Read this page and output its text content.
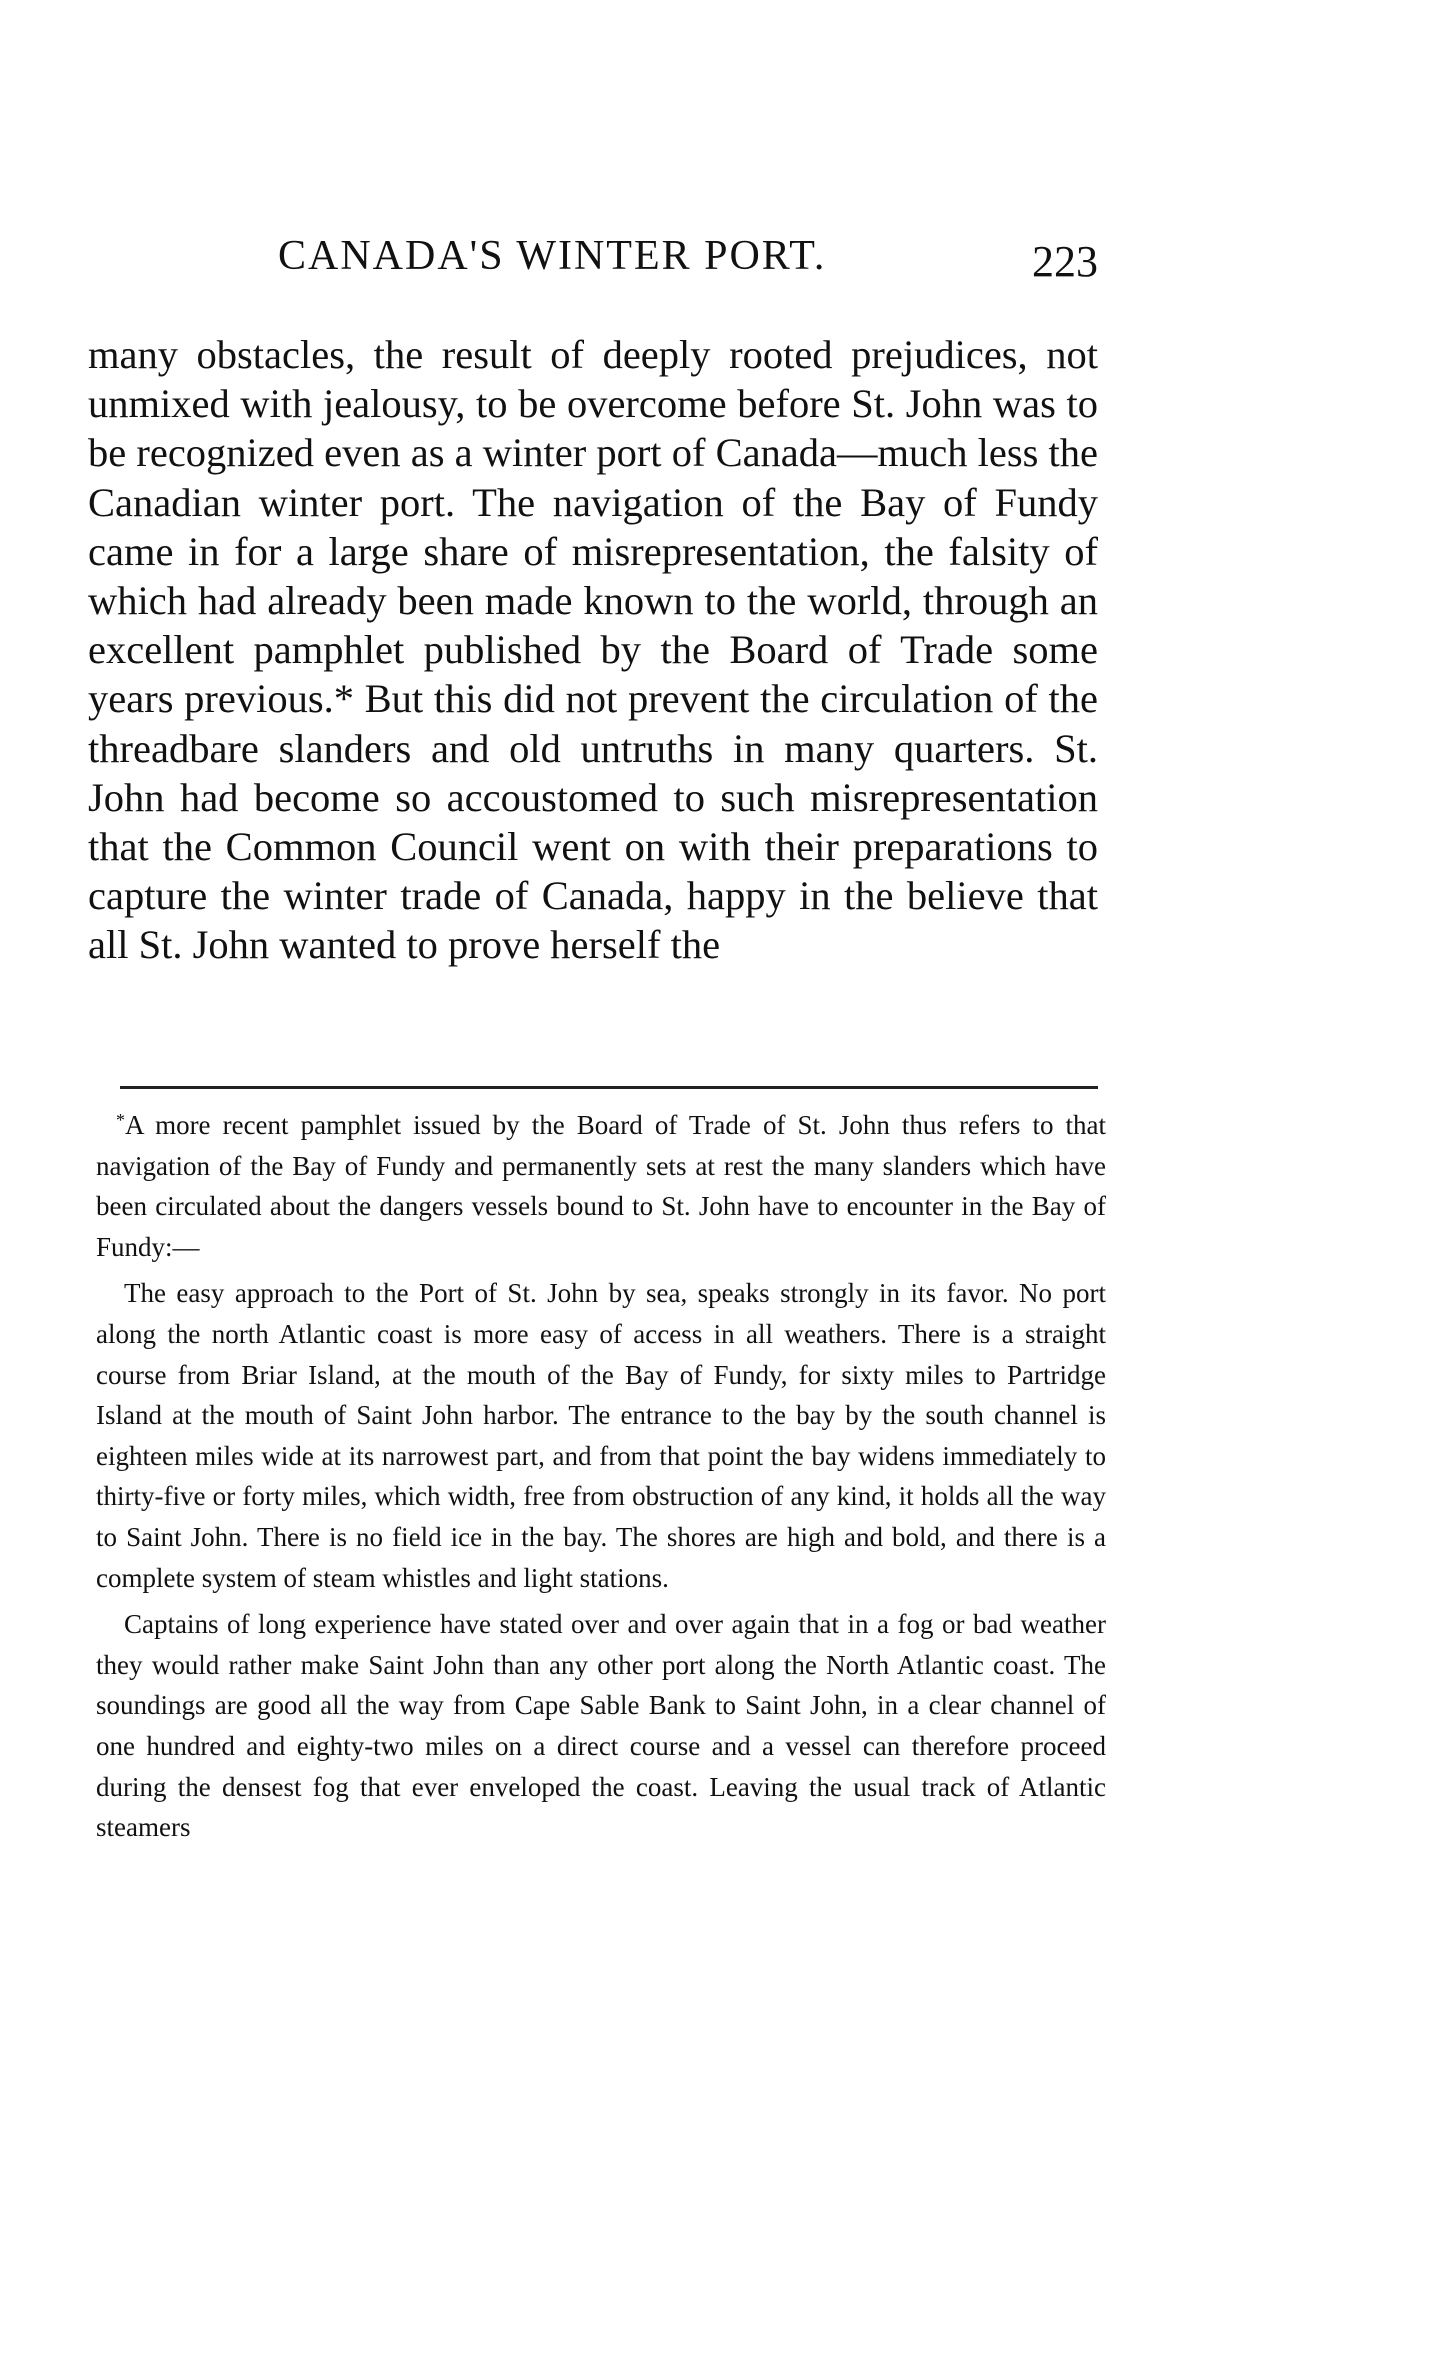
CANADA'S WINTER PORT.	223

many obstacles, the result of deeply rooted prejudices, not unmixed with jealousy, to be overcome before St. John was to be recognized even as a winter port of Canada—much less the Canadian winter port. The navigation of the Bay of Fundy came in for a large share of misrepresentation, the falsity of which had already been made known to the world, through an excellent pamphlet published by the Board of Trade some years previous.* But this did not prevent the circulation of the threadbare slanders and old untruths in many quarters. St. John had become so accoustomed to such misrepresentation that the Common Council went on with their preparations to capture the winter trade of Canada, happy in the believe that all St. John wanted to prove herself the

*A more recent pamphlet issued by the Board of Trade of St. John thus refers to that navigation of the Bay of Fundy and permanently sets at rest the many slanders which have been circulated about the dangers vessels bound to St. John have to encounter in the Bay of Fundy:—

The easy approach to the Port of St. John by sea, speaks strongly in its favor. No port along the north Atlantic coast is more easy of access in all weathers. There is a straight course from Briar Island, at the mouth of the Bay of Fundy, for sixty miles to Partridge Island at the mouth of Saint John harbor. The entrance to the bay by the south channel is eighteen miles wide at its narrowest part, and from that point the bay widens immediately to thirty-five or forty miles, which width, free from obstruction of any kind, it holds all the way to Saint John. There is no field ice in the bay. The shores are high and bold, and there is a complete system of steam whistles and light stations.

Captains of long experience have stated over and over again that in a fog or bad weather they would rather make Saint John than any other port along the North Atlantic coast. The soundings are good all the way from Cape Sable Bank to Saint John, in a clear channel of one hundred and eighty-two miles on a direct course and a vessel can therefore proceed during the densest fog that ever enveloped the coast. Leaving the usual track of Atlantic steamers
